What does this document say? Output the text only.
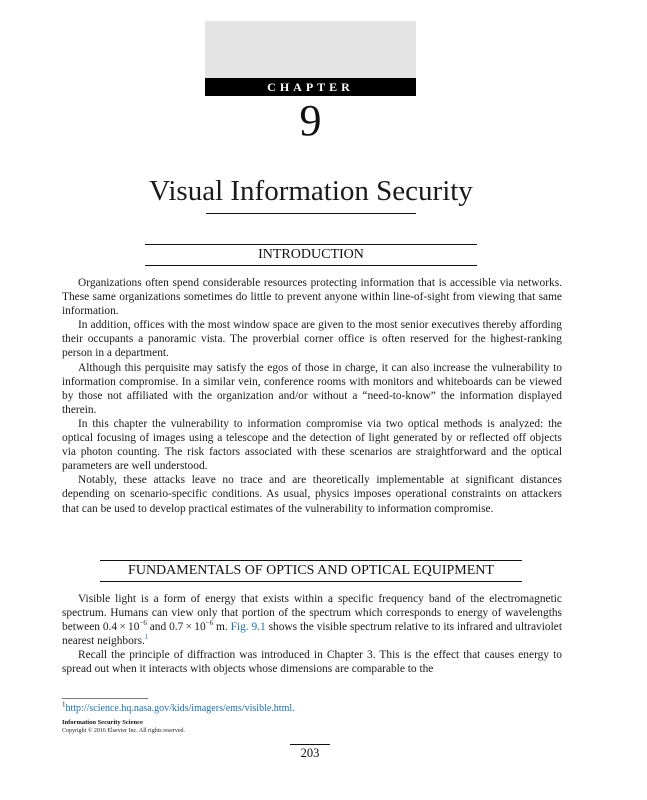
CHAPTER
9
Visual Information Security
INTRODUCTION

Organizations often spend considerable resources protecting information that is accessible via networks. These same organizations sometimes do little to prevent anyone within line-of-sight from viewing that same information.

In addition, offices with the most window space are given to the most senior executives thereby affording their occupants a panoramic vista. The proverbial corner office is often reserved for the highest-ranking person in a department.

Although this perquisite may satisfy the egos of those in charge, it can also increase the vulnerability to information compromise. In a similar vein, conference rooms with monitors and whiteboards can be viewed by those not affiliated with the organization and/or without a “need-to-know” the information displayed therein.

In this chapter the vulnerability to information compromise via two optical methods is analyzed: the optical focusing of images using a telescope and the detection of light generated by or reflected off objects via photon counting. The risk factors associated with these scenarios are straightforward and the optical parameters are well understood.

Notably, these attacks leave no trace and are theoretically implementable at significant distances depending on scenario-specific conditions. As usual, physics imposes operational constraints on attackers that can be used to develop practical estimates of the vulnerability to information compromise.

FUNDAMENTALS OF OPTICS AND OPTICAL EQUIPMENT

Visible light is a form of energy that exists within a specific frequency band of the electromagnetic spectrum. Humans can view only that portion of the spectrum which corresponds to energy of wavelengths between $0.4 \times 10^{-6}$ and $0.7 \times 10^{-6}$ m. Fig. 9.1 shows the visible spectrum relative to its infrared and ultraviolet nearest neighbors.$^1$

Recall the principle of diffraction was introduced in Chapter 3. This is the effect that causes energy to spread out when it interacts with objects whose dimensions are comparable to the

$^1$http://science.hq.nasa.gov/kids/imagers/ems/visible.html.
Information Security Science
Copyright © 2016 Elsevier Inc. All rights reserved.
203
